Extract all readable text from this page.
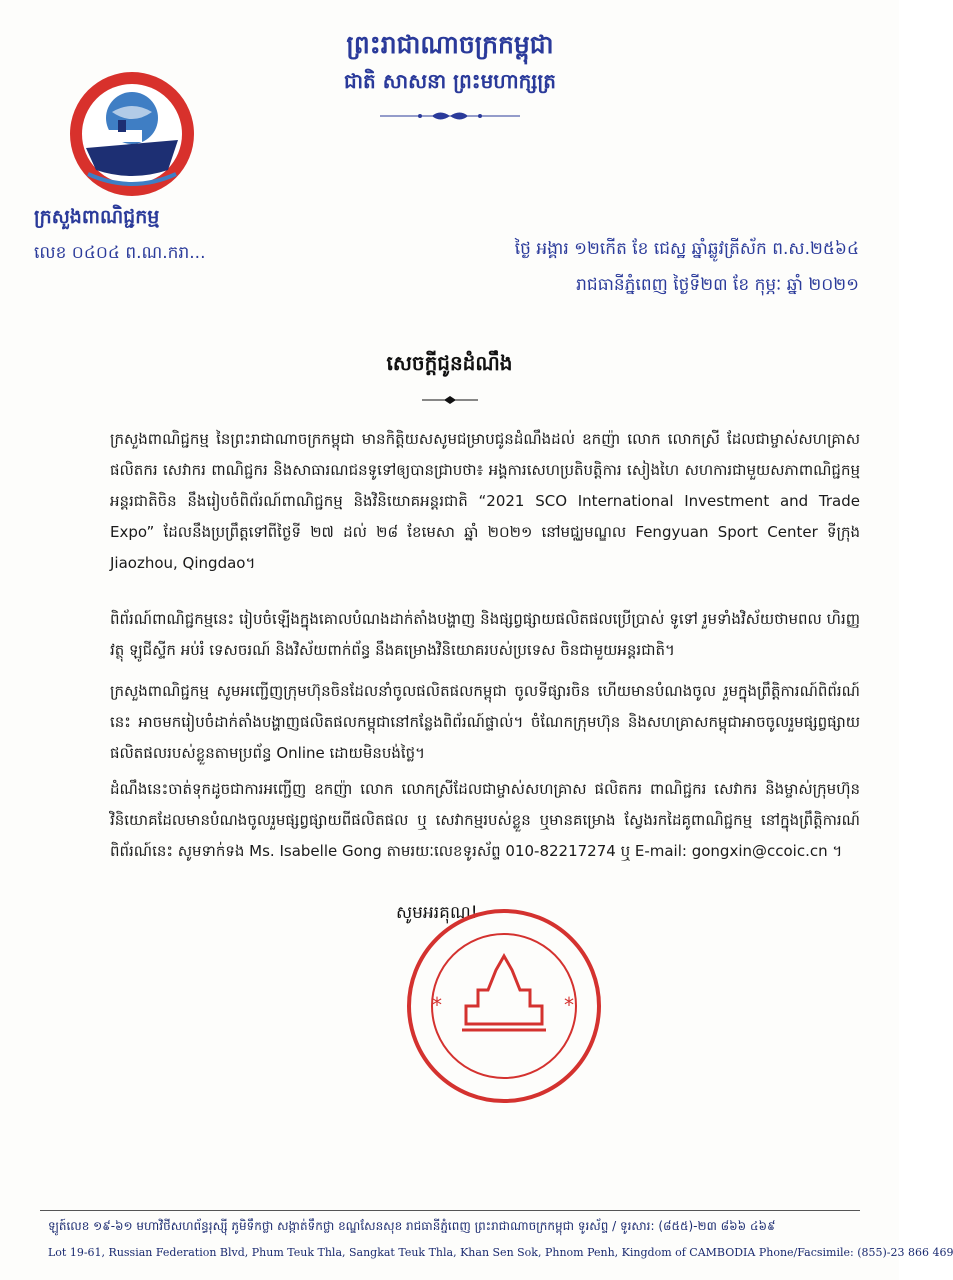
ព្រះរាជាណាចក្រកម្ពុជា
ជាតិ សាសនា ព្រះមហាក្សត្រ
ក្រសួងពាណិជ្ជកម្ម
លេខ ០៤០៤ ព.ណ.ករា...	ថ្ងៃ អង្គារ ១២កើត ខែ ជេស្ឋ ឆ្នាំឆ្លូវត្រីស័ក ព.ស.២៥៦៤
រាជធានីភ្នំពេញ ថ្ងៃទី២៣ ខែ កុម្ភៈ ឆ្នាំ ២០២១
សេចក្តីជូនដំណឹង
ក្រសួងពាណិជ្ជកម្ម នៃព្រះរាជាណាចក្រកម្ពុជា មានកិត្តិយសសូមជម្រាបជូនដំណឹងដល់ ឧកញ៉ា លោក លោកស្រី ដែលជាម្ចាស់សហគ្រាស ផលិតករ សេវាករ ពាណិជ្ជករ និងសាធារណជនទូទៅឲ្យបានជ្រាបថា៖ អង្គការសេហប្រតិបត្តិការ សៀងហៃ សហការជាមួយសភាពាណិជ្ជកម្មអន្តរជាតិចិន នឹងរៀបចំពិព័រណ៍ពាណិជ្ជកម្ម និងវិនិយោគអន្តរជាតិ “2021 SCO International Investment and Trade Expo” ដែលនឹងប្រព្រឹត្តទៅពីថ្ងៃទី ២៧ ដល់ ២៨ ខែមេសា ឆ្នាំ ២០២១ នៅមជ្ឈមណ្ឌល Fengyuan Sport Center ទីក្រុង Jiaozhou, Qingdao។
ពិព័រណ៍ពាណិជ្ជកម្មនេះ រៀបចំឡើងក្នុងគោលបំណងដាក់តាំងបង្ហាញ និងផ្សព្វផ្សាយផលិតផលប្រើប្រាស់ ទូទៅ រួមទាំងវិស័យថាមពល ហិរញ្ញវត្ថុ ឡូជីស្ទីក អប់រំ ទេសចរណ៍ និងវិស័យពាក់ព័ន្ធ នឹងគម្រោងវិនិយោគរបស់ប្រទេស ចិនជាមួយអន្តរជាតិ។
ក្រសួងពាណិជ្ជកម្ម សូមអញ្ជើញក្រុមហ៊ុនចិនដែលនាំចូលផលិតផលកម្ពុជា ចូលទីផ្សារចិន ហើយមានបំណងចូល រួមក្នុងព្រឹត្តិការណ៍ពិព័រណ៍នេះ អាចមករៀបចំដាក់តាំងបង្ហាញផលិតផលកម្ពុជានៅកន្លែងពិព័រណ៍ផ្ទាល់។ ចំណែកក្រុមហ៊ុន និងសហគ្រាសកម្ពុជាអាចចូលរួមផ្សព្វផ្សាយផលិតផលរបស់ខ្លួនតាមប្រព័ន្ធ Online ដោយមិនបង់ថ្លៃ។
ដំណឹងនេះចាត់ទុកដូចជាការអញ្ជើញ ឧកញ៉ា លោក លោកស្រីដែលជាម្ចាស់សហគ្រាស ផលិតករ ពាណិជ្ជករ សេវាករ និងម្ចាស់ក្រុមហ៊ុនវិនិយោគដែលមានបំណងចូលរួមផ្សព្វផ្សាយពីផលិតផល ឬ សេវាកម្មរបស់ខ្លួន ឬមានគម្រោង ស្វែងរកដៃគូពាណិជ្ជកម្ម នៅក្នុងព្រឹត្តិការណ៍ពិព័រណ៍នេះ សូមទាក់ទង Ms. Isabelle Gong តាមរយៈលេខទូរស័ព្ទ 010-82217274 ឬ E-mail: gongxin@ccoic.cn ។
សូមអរគុណ!
*	*
ឡូត៍លេខ ១៩-៦១ មហាវិថីសហព័ន្ធរុស្ស៊ី ភូមិទឹកថ្លា សង្កាត់ទឹកថ្លា ខណ្ឌសែនសុខ រាជធានីភ្នំពេញ ព្រះរាជាណាចក្រកម្ពុជា ទូរស័ព្ទ / ទូរសារ: (៨៥៥)-២៣ ៨៦៦ ៤៦៩
Lot 19-61, Russian Federation Blvd, Phum Teuk Thla, Sangkat Teuk Thla, Khan Sen Sok, Phnom Penh, Kingdom of CAMBODIA Phone/Facsimile: (855)-23 866 469
